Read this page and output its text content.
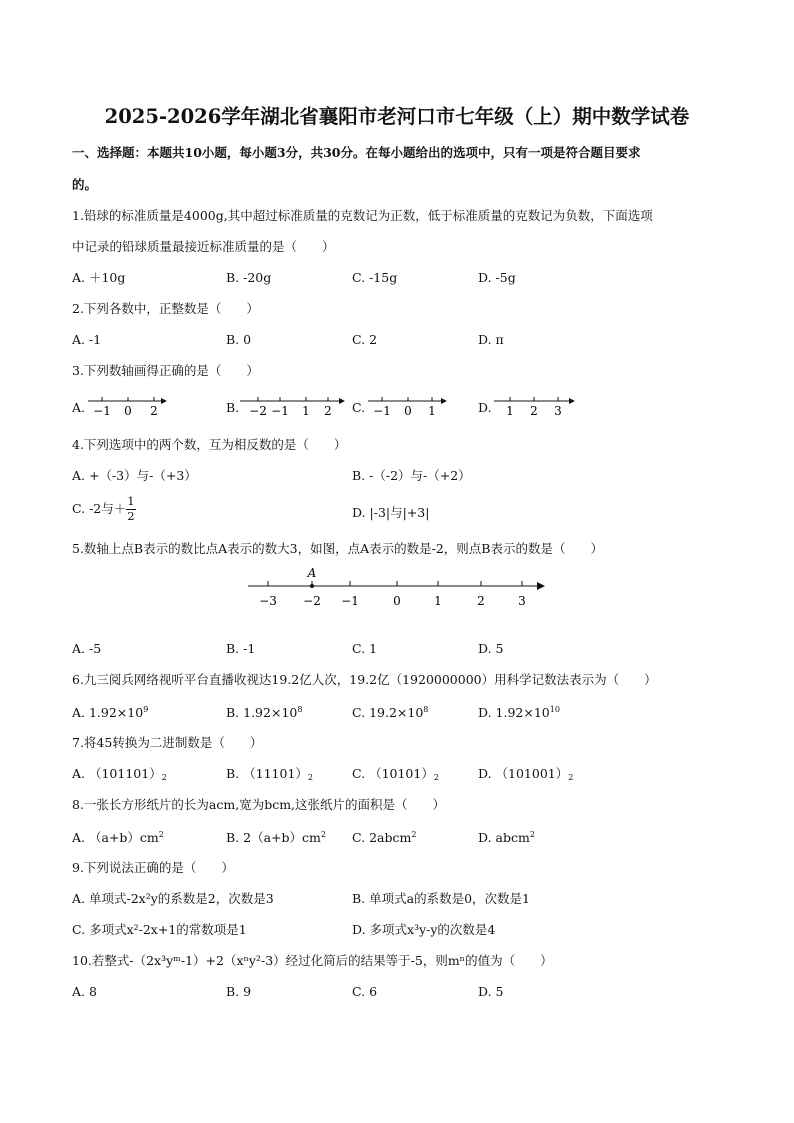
2025-2026学年湖北省襄阳市老河口市七年级（上）期中数学试卷
一、选择题：本题共10小题，每小题3分，共30分。在每小题给出的选项中，只有一项是符合题目要求
的。
1.铅球的标准质量是4000g,其中超过标准质量的克数记为正数，低于标准质量的克数记为负数，下面选项
中记录的铅球质量最接近标准质量的是（　　）
A. ＋10g	B. -20g	C. -15g	D. -5g
2.下列各数中，正整数是（　　）
A. -1	B. 0	C. 2	D. π
3.下列数轴画得正确的是（　　）
A.	B.	C.	D.
−1 0 2	−2 −1 1 2	−1 0 1	1 2 3
4.下列选项中的两个数，互为相反数的是（　　）
A. +（-3）与-（+3）	B. -（-2）与-（+2）
C. -2与＋ $\frac{1}{2}$	D. |-3|与|+3|
5.数轴上点B表示的数比点A表示的数大3，如图，点A表示的数是-2，则点B表示的数是（　　）
A
−3 −2 −1	0	1	2	3
A. -5	B. -1	C. 1	D. 5
6.九三阅兵网络视听平台直播收视达19.2亿人次，19.2亿（1920000000）用科学记数法表示为（　　）
A. $1.92\times 10^9$	B. $1.92\times 10^8$	C. $19.2\times 10^8$	D. $1.92\times 10^{10}$
7.将45转换为二进制数是（　　）
A. $(101101)_2$	B. $(11101)_2$	C. $(10101)_2$	D. $(101001)_2$
8.一张长方形纸片的长为acm,宽为bcm,这张纸片的面积是（　　）
A. $(a+b)cm^2$	B. $2(a+b)cm^2$ C. 2abcm$^2$	D. abcm$^2$
9.下列说法正确的是（　　）
A. 单项式-2x²y的系数是2，次数是3	B. 单项式a的系数是0，次数是1
C. 多项式x²-2x+1的常数项是1	D. 多项式x³y-y的次数是4
10.若整式-（2x³yᵐ-1）+2（xⁿy²-3）经过化简后的结果等于-5，则mⁿ的值为（　　）
A. 8	B. 9	C. 6	D. 5
